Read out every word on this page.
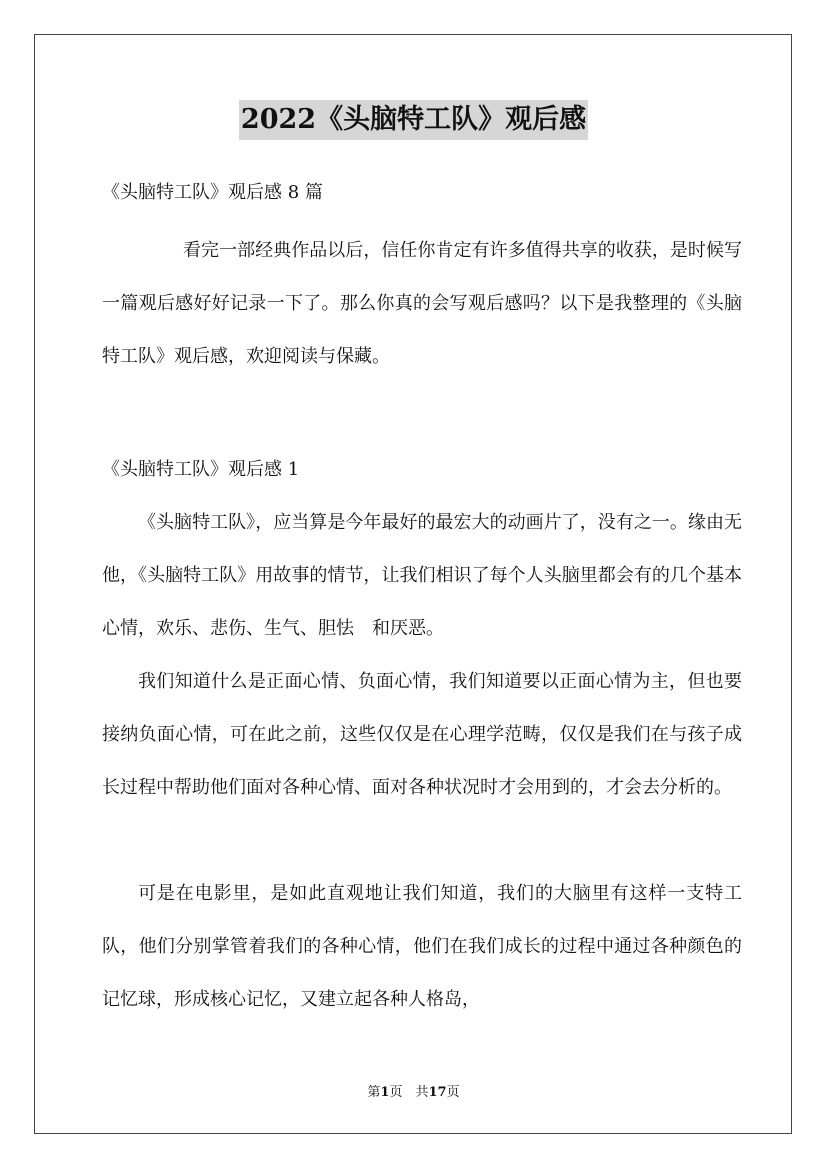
2022《头脑特工队》观后感
《头脑特工队》观后感 8 篇

看完一部经典作品以后，信任你肯定有许多值得共享的收获，是时候写一篇观后感好好记录一下了。那么你真的会写观后感吗？以下是我整理的《头脑特工队》观后感，欢迎阅读与保藏。

《头脑特工队》观后感 1

《头脑特工队》，应当算是今年最好的最宏大的动画片了，没有之一。缘由无他，《头脑特工队》用故事的情节，让我们相识了每个人头脑里都会有的几个基本心情，欢乐、悲伤、生气、胆怯　和厌恶。

我们知道什么是正面心情、负面心情，我们知道要以正面心情为主，但也要接纳负面心情，可在此之前，这些仅仅是在心理学范畴，仅仅是我们在与孩子成长过程中帮助他们面对各种心情、面对各种状况时才会用到的，才会去分析的。

可是在电影里，是如此直观地让我们知道，我们的大脑里有这样一支特工队，他们分别掌管着我们的各种心情，他们在我们成长的过程中通过各种颜色的记忆球，形成核心记忆，又建立起各种人格岛，

第1页　共17页
